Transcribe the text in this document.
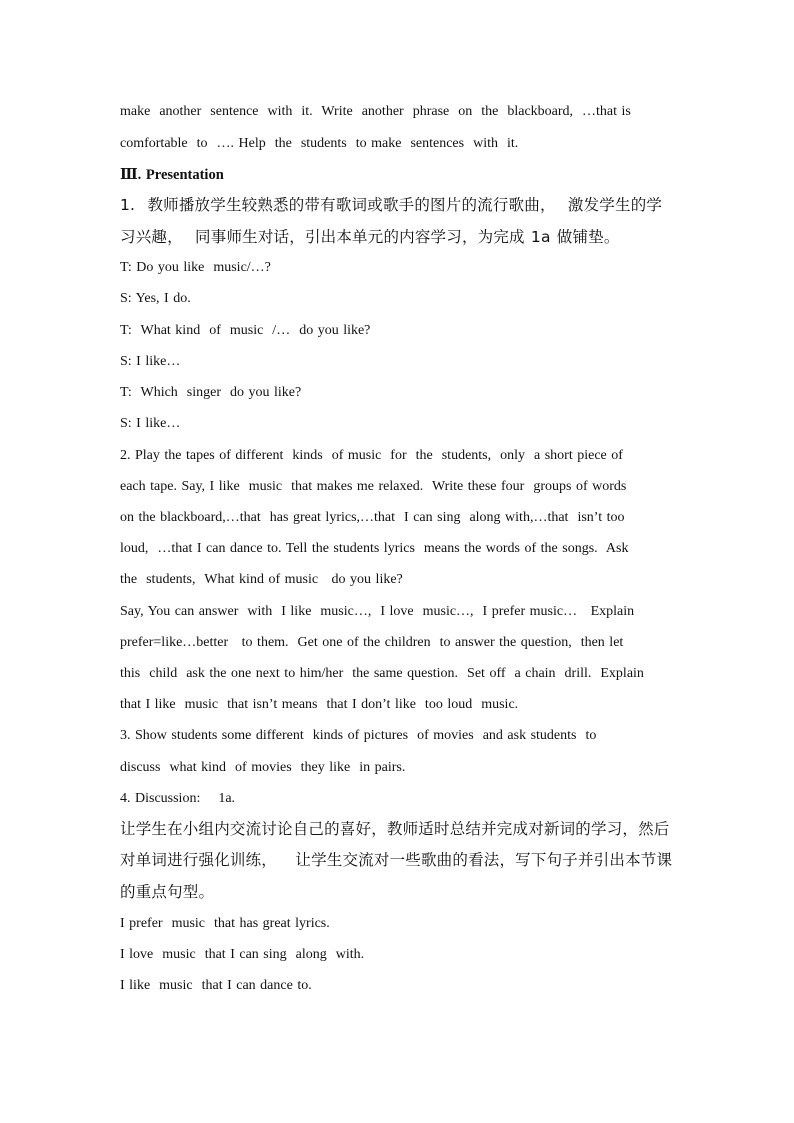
make  another  sentence  with  it.  Write  another  phrase  on  the  blackboard,  …that is
comfortable  to  …. Help  the  students  to make  sentences  with  it.
Ⅲ. Presentation
1.  教师播放学生较熟悉的带有歌词或歌手的图片的流行歌曲，  激发学生的学
习兴趣，  同事师生对话，引出本单元的内容学习，为完成 1a 做铺垫。
T: Do you like  music/…?
S: Yes, I do.
T:  What kind  of  music  /…  do you like?
S: I like…
T:  Which  singer  do you like?
S: I like…
2. Play the tapes of different  kinds  of music  for  the  students,  only  a short piece of
each tape. Say, I like  music  that makes me relaxed.  Write these four  groups of words
on the blackboard,…that  has great lyrics,…that  I can sing  along with,…that  isn’t too
loud,  …that I can dance to. Tell the students lyrics  means the words of the songs.  Ask
the  students,  What kind of music   do you like?
Say, You can answer  with  I like  music…,  I love  music…,  I prefer music…   Explain
prefer=like…better   to them.  Get one of the children  to answer the question,  then let
this  child  ask the one next to him/her  the same question.  Set off  a chain  drill.  Explain
that I like  music  that isn’t means  that I don’t like  too loud  music.
3. Show students some different  kinds of pictures  of movies  and ask students  to
discuss  what kind  of movies  they like  in pairs.
4. Discussion:    1a.
让学生在小组内交流讨论自己的喜好，教师适时总结并完成对新词的学习，然后
对单词进行强化训练，   让学生交流对一些歌曲的看法，写下句子并引出本节课
的重点句型。
I prefer  music  that has great lyrics.
I love  music  that I can sing  along  with.
I like  music  that I can dance to.
